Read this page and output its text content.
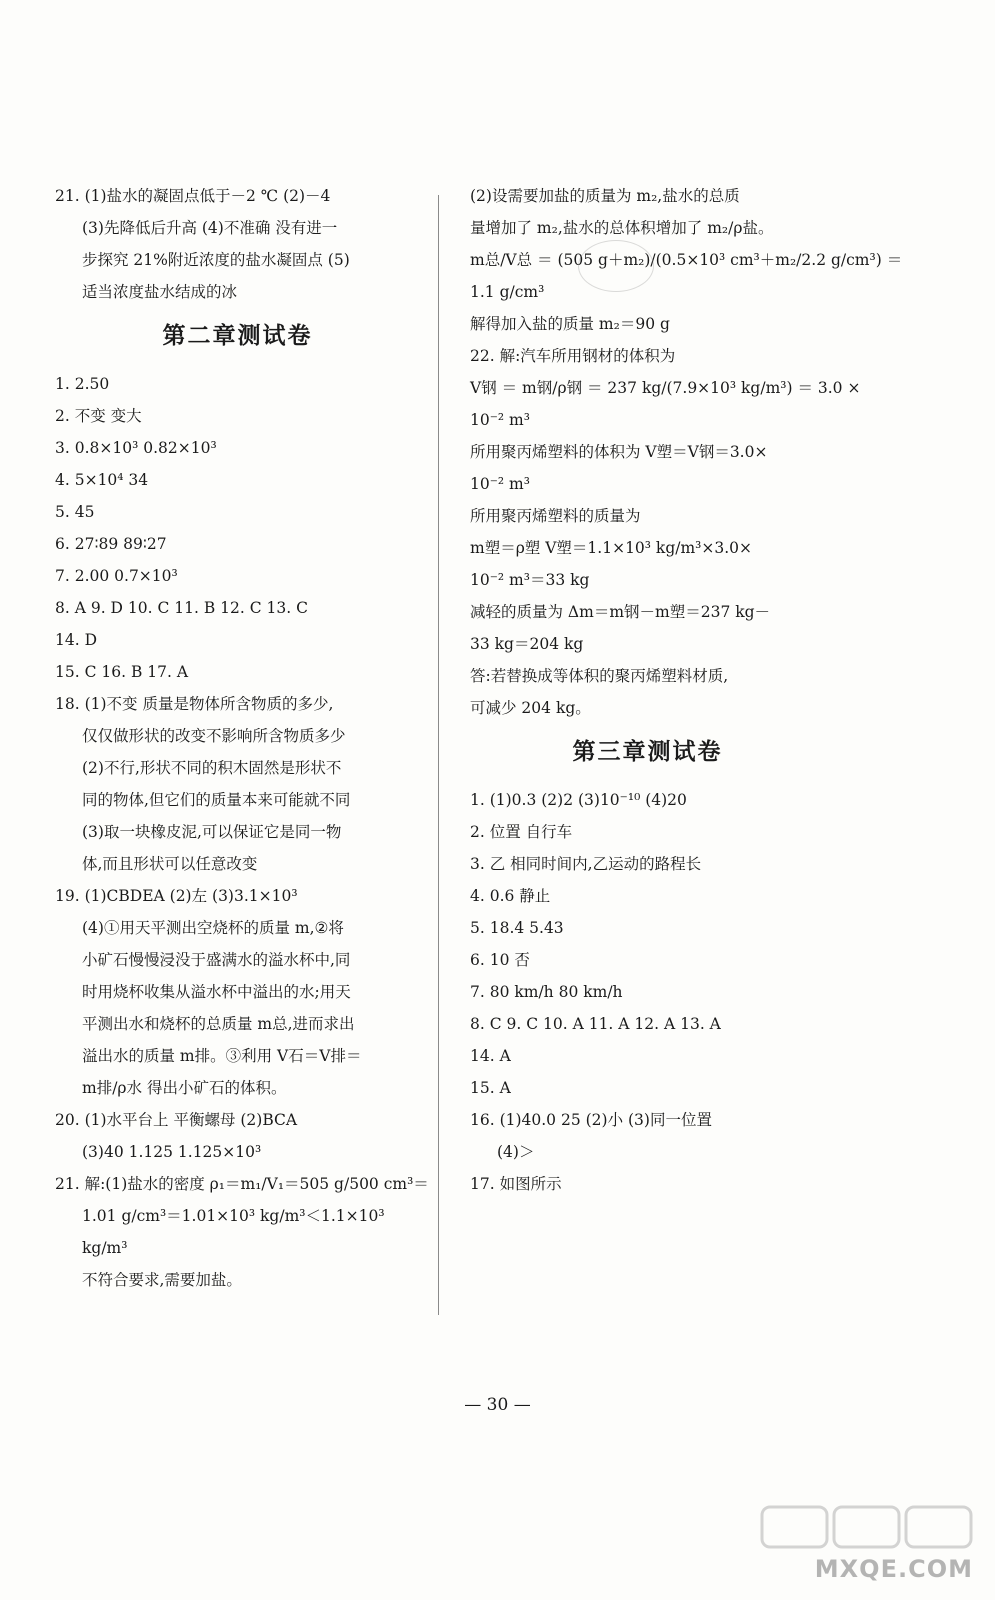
21. (1)盐水的凝固点低于－2 ℃ (2)－4
(3)先降低后升高 (4)不准确 没有进一
步探究 21%附近浓度的盐水凝固点 (5)
适当浓度盐水结成的冰
第二章测试卷
1. 2.50
2. 不变 变大
3. 0.8×10³ 0.82×10³
4. 5×10⁴ 34
5. 45
6. 27∶89 89∶27
7. 2.00 0.7×10³
8. A 9. D 10. C 11. B 12. C 13. C
14. D
15. C 16. B 17. A
18. (1)不变 质量是物体所含物质的多少,
仅仅做形状的改变不影响所含物质多少
(2)不行,形状不同的积木固然是形状不
同的物体,但它们的质量本来可能就不同
(3)取一块橡皮泥,可以保证它是同一物
体,而且形状可以任意改变
19. (1)CBDEA (2)左 (3)3.1×10³
(4)①用天平测出空烧杯的质量 m,②将
小矿石慢慢浸没于盛满水的溢水杯中,同
时用烧杯收集从溢水杯中溢出的水;用天
平测出水和烧杯的总质量 m总,进而求出
溢出水的质量 m排。③利用 V石＝V排＝
m排/ρ水 得出小矿石的体积。
20. (1)水平台上 平衡螺母 (2)BCA
(3)40 1.125 1.125×10³
21. 解:(1)盐水的密度 ρ₁＝m₁/V₁＝505 g/500 cm³＝
1.01 g/cm³＝1.01×10³ kg/m³＜1.1×10³
kg/m³
不符合要求,需要加盐。
(2)设需要加盐的质量为 m₂,盐水的总质
量增加了 m₂,盐水的总体积增加了 m₂/ρ盐。
m总/V总 ＝ (505 g＋m₂)/(0.5×10³ cm³＋m₂/2.2 g/cm³) ＝
1.1 g/cm³
解得加入盐的质量 m₂＝90 g
22. 解:汽车所用钢材的体积为
V钢 ＝ m钢/ρ钢 ＝ 237 kg/(7.9×10³ kg/m³) ＝ 3.0 ×
10⁻² m³
所用聚丙烯塑料的体积为 V塑＝V钢＝3.0×
10⁻² m³
所用聚丙烯塑料的质量为
m塑＝ρ塑 V塑＝1.1×10³ kg/m³×3.0×
10⁻² m³＝33 kg
减轻的质量为 Δm＝m钢－m塑＝237 kg－
33 kg＝204 kg
答:若替换成等体积的聚丙烯塑料材质,
可减少 204 kg。
第三章测试卷
1. (1)0.3 (2)2 (3)10⁻¹⁰ (4)20
2. 位置 自行车
3. 乙 相同时间内,乙运动的路程长
4. 0.6 静止
5. 18.4 5.43
6. 10 否
7. 80 km/h 80 km/h
8. C 9. C 10. A 11. A 12. A 13. A
14. A
15. A
16. (1)40.0 25 (2)小 (3)同一位置
(4)＞
17. 如图所示
— 30 —
MXQE.COM
